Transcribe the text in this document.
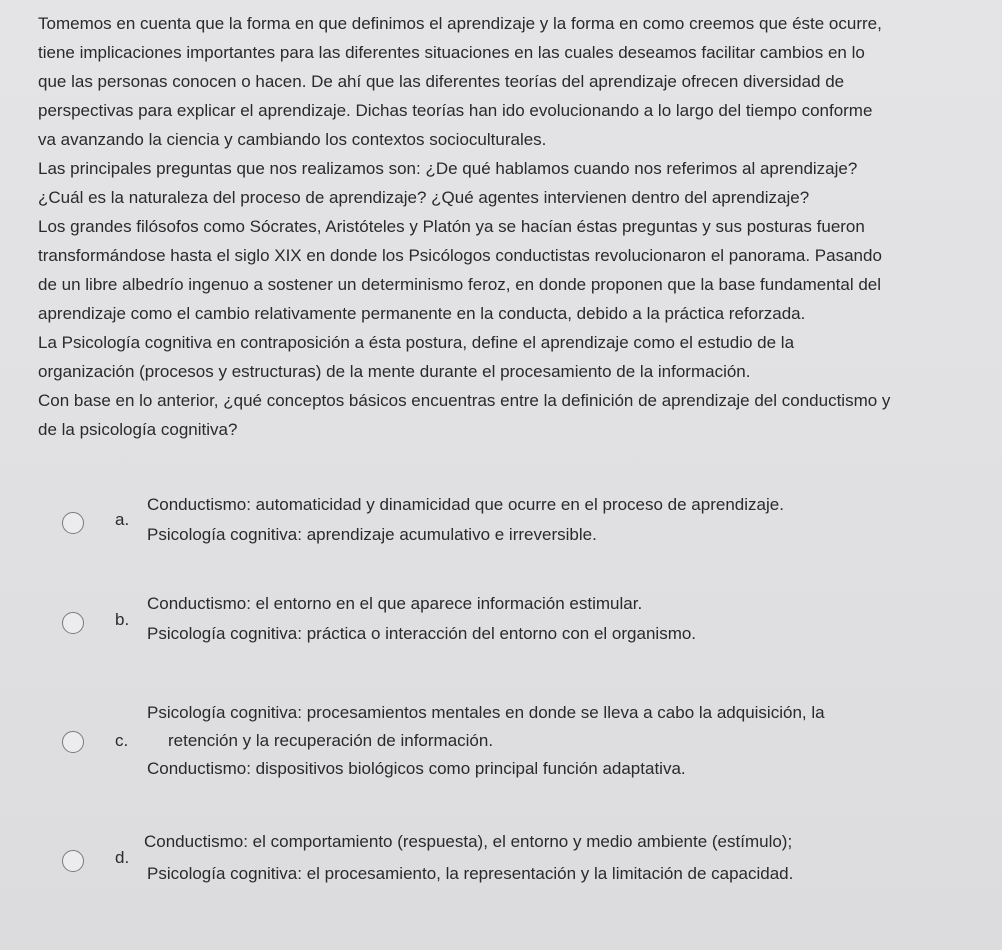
Tomemos en cuenta que la forma en que definimos el aprendizaje y la forma en como creemos que éste ocurre,
tiene implicaciones importantes para las diferentes situaciones en las cuales deseamos facilitar cambios en lo
que las personas conocen o hacen. De ahí que las diferentes teorías del aprendizaje ofrecen diversidad de
perspectivas para explicar el aprendizaje. Dichas teorías han ido evolucionando a lo largo del tiempo conforme
va avanzando la ciencia y cambiando los contextos socioculturales.
Las principales preguntas que nos realizamos son: ¿De qué hablamos cuando nos referimos al aprendizaje?
¿Cuál es la naturaleza del proceso de aprendizaje? ¿Qué agentes intervienen dentro del aprendizaje?
Los grandes filósofos como Sócrates, Aristóteles y Platón ya se hacían éstas preguntas y sus posturas fueron
transformándose hasta el siglo XIX en donde los Psicólogos conductistas revolucionaron el panorama. Pasando
de un libre albedrío ingenuo a sostener un determinismo feroz, en donde proponen que la base fundamental del
aprendizaje como el cambio relativamente permanente en la conducta, debido a la práctica reforzada.
La Psicología cognitiva en contraposición a ésta postura, define el aprendizaje como el estudio de la
organización (procesos y estructuras) de la mente durante el procesamiento de la información.
Con base en lo anterior, ¿qué conceptos básicos encuentras entre la definición de aprendizaje del conductismo y
de la psicología cognitiva?
a.
Conductismo: automaticidad y dinamicidad que ocurre en el proceso de aprendizaje.
Psicología cognitiva: aprendizaje acumulativo e irreversible.
b.
Conductismo: el entorno en el que aparece información estimular.
Psicología cognitiva: práctica o interacción del entorno con el organismo.
c.
Psicología cognitiva: procesamientos mentales en donde se lleva a cabo la adquisición, la
retención y la recuperación de información.
Conductismo: dispositivos biológicos como principal función adaptativa.
d.
Conductismo: el comportamiento (respuesta), el entorno y medio ambiente (estímulo);
Psicología cognitiva: el procesamiento, la representación y la limitación de capacidad.
